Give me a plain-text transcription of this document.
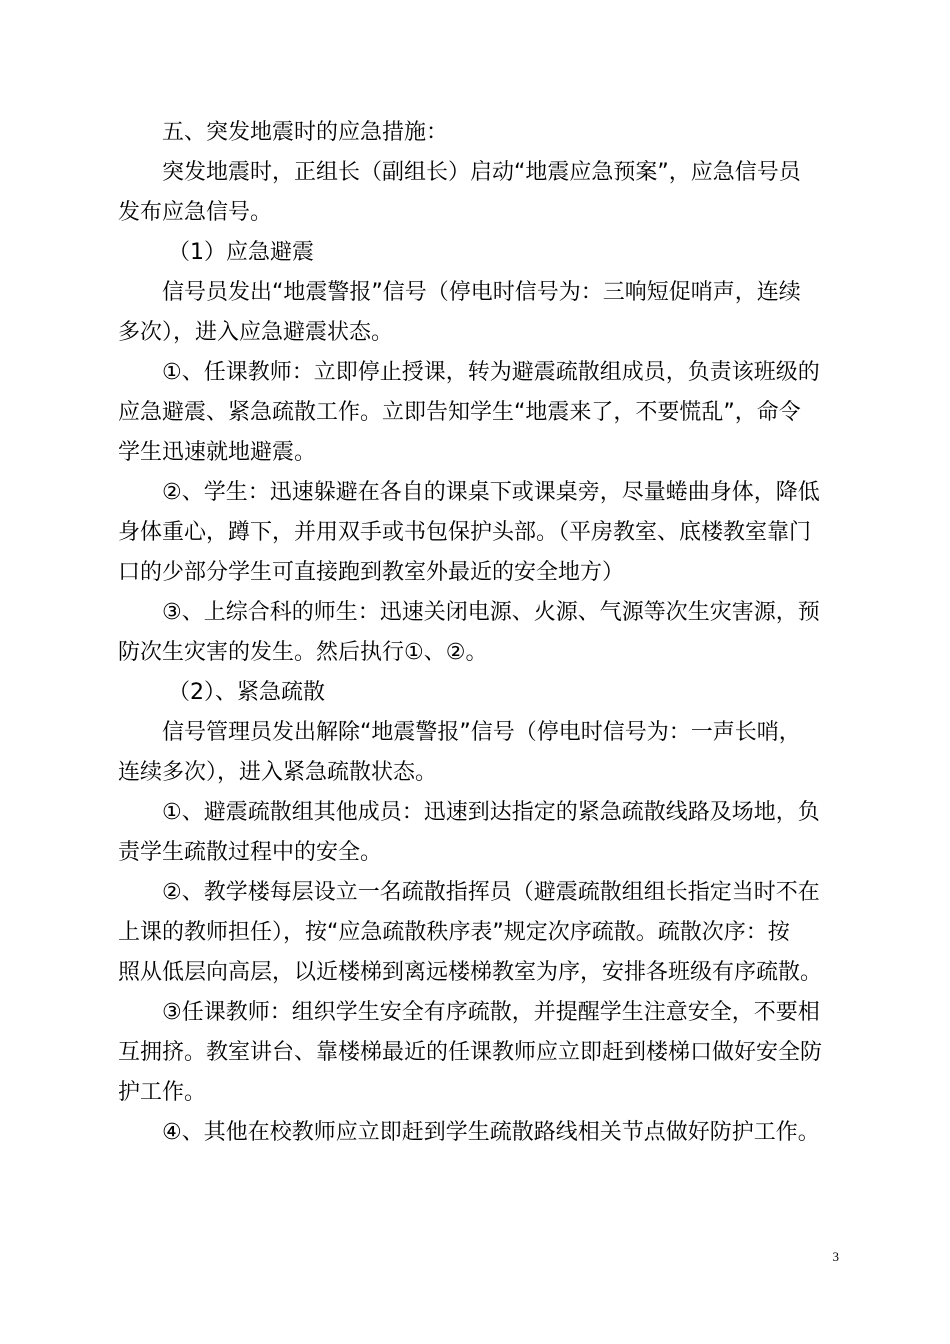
五、突发地震时的应急措施：
突发地震时，正组长（副组长）启动“地震应急预案”，应急信号员
发布应急信号。
（1）应急避震
信号员发出“地震警报”信号（停电时信号为：三响短促哨声，连续
多次），进入应急避震状态。
①、任课教师：立即停止授课，转为避震疏散组成员，负责该班级的
应急避震、紧急疏散工作。立即告知学生“地震来了，不要慌乱”，命令
学生迅速就地避震。
②、学生：迅速躲避在各自的课桌下或课桌旁，尽量蜷曲身体，降低
身体重心，蹲下，并用双手或书包保护头部。（平房教室、底楼教室靠门
口的少部分学生可直接跑到教室外最近的安全地方）
③、上综合科的师生：迅速关闭电源、火源、气源等次生灾害源，预
防次生灾害的发生。然后执行①、②。
（2）、紧急疏散
信号管理员发出解除“地震警报”信号（停电时信号为：一声长哨，
连续多次），进入紧急疏散状态。
①、避震疏散组其他成员：迅速到达指定的紧急疏散线路及场地，负
责学生疏散过程中的安全。
②、教学楼每层设立一名疏散指挥员（避震疏散组组长指定当时不在
上课的教师担任），按“应急疏散秩序表”规定次序疏散。疏散次序：按
照从低层向高层，以近楼梯到离远楼梯教室为序，安排各班级有序疏散。
③任课教师：组织学生安全有序疏散，并提醒学生注意安全，不要相
互拥挤。教室讲台、靠楼梯最近的任课教师应立即赶到楼梯口做好安全防
护工作。
④、其他在校教师应立即赶到学生疏散路线相关节点做好防护工作。
3
